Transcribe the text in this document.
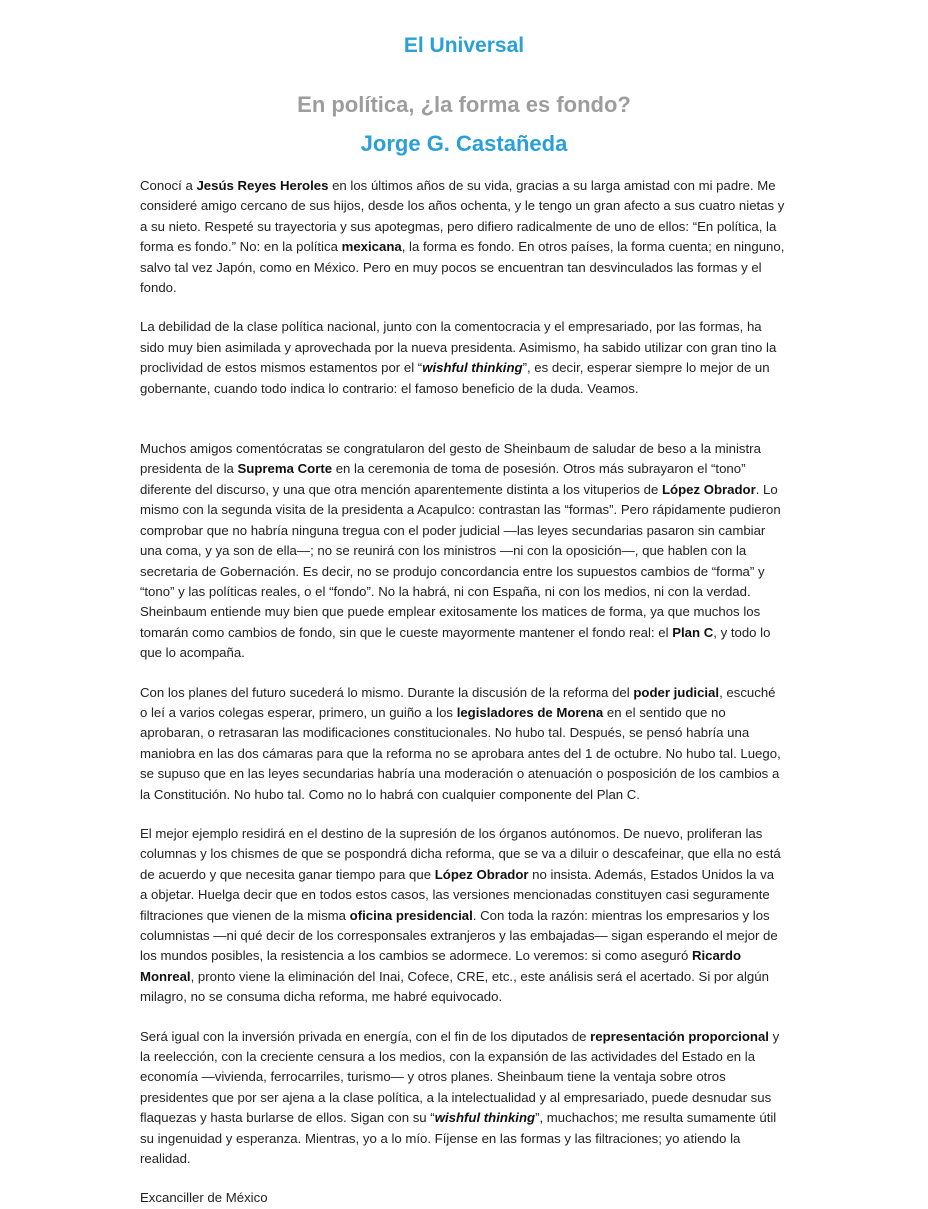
El Universal
En política, ¿la forma es fondo?
Jorge G. Castañeda

Conocí a Jesús Reyes Heroles en los últimos años de su vida, gracias a su larga amistad con mi padre. Me consideré amigo cercano de sus hijos, desde los años ochenta, y le tengo un gran afecto a sus cuatro nietas y a su nieto. Respeté su trayectoria y sus apotegmas, pero difiero radicalmente de uno de ellos: “En política, la forma es fondo.” No: en la política mexicana, la forma es fondo. En otros países, la forma cuenta; en ninguno, salvo tal vez Japón, como en México. Pero en muy pocos se encuentran tan desvinculados las formas y el fondo.

La debilidad de la clase política nacional, junto con la comentocracia y el empresariado, por las formas, ha sido muy bien asimilada y aprovechada por la nueva presidenta. Asimismo, ha sabido utilizar con gran tino la proclividad de estos mismos estamentos por el “wishful thinking”, es decir, esperar siempre lo mejor de un gobernante, cuando todo indica lo contrario: el famoso beneficio de la duda. Veamos.

Muchos amigos comentócratas se congratularon del gesto de Sheinbaum de saludar de beso a la ministra presidenta de la Suprema Corte en la ceremonia de toma de posesión. Otros más subrayaron el “tono” diferente del discurso, y una que otra mención aparentemente distinta a los vituperios de López Obrador. Lo mismo con la segunda visita de la presidenta a Acapulco: contrastan las “formas”. Pero rápidamente pudieron comprobar que no habría ninguna tregua con el poder judicial —las leyes secundarias pasaron sin cambiar una coma, y ya son de ella—; no se reunirá con los ministros —ni con la oposición—, que hablen con la secretaria de Gobernación. Es decir, no se produjo concordancia entre los supuestos cambios de “forma” y “tono” y las políticas reales, o el “fondo”. No la habrá, ni con España, ni con los medios, ni con la verdad. Sheinbaum entiende muy bien que puede emplear exitosamente los matices de forma, ya que muchos los tomarán como cambios de fondo, sin que le cueste mayormente mantener el fondo real: el Plan C, y todo lo que lo acompaña.

Con los planes del futuro sucederá lo mismo. Durante la discusión de la reforma del poder judicial, escuché o leí a varios colegas esperar, primero, un guiño a los legisladores de Morena en el sentido que no aprobaran, o retrasaran las modificaciones constitucionales. No hubo tal. Después, se pensó habría una maniobra en las dos cámaras para que la reforma no se aprobara antes del 1 de octubre. No hubo tal. Luego, se supuso que en las leyes secundarias habría una moderación o atenuación o posposición de los cambios a la Constitución. No hubo tal. Como no lo habrá con cualquier componente del Plan C.

El mejor ejemplo residirá en el destino de la supresión de los órganos autónomos. De nuevo, proliferan las columnas y los chismes de que se pospondrá dicha reforma, que se va a diluir o descafeinar, que ella no está de acuerdo y que necesita ganar tiempo para que López Obrador no insista. Además, Estados Unidos la va a objetar. Huelga decir que en todos estos casos, las versiones mencionadas constituyen casi seguramente filtraciones que vienen de la misma oficina presidencial. Con toda la razón: mientras los empresarios y los columnistas —ni qué decir de los corresponsales extranjeros y las embajadas— sigan esperando el mejor de los mundos posibles, la resistencia a los cambios se adormece. Lo veremos: si como aseguró Ricardo Monreal, pronto viene la eliminación del Inai, Cofece, CRE, etc., este análisis será el acertado. Si por algún milagro, no se consuma dicha reforma, me habré equivocado.

Será igual con la inversión privada en energía, con el fin de los diputados de representación proporcional y la reelección, con la creciente censura a los medios, con la expansión de las actividades del Estado en la economía —vivienda, ferrocarriles, turismo— y otros planes. Sheinbaum tiene la ventaja sobre otros presidentes que por ser ajena a la clase política, a la intelectualidad y al empresariado, puede desnudar sus flaquezas y hasta burlarse de ellos. Sigan con su “wishful thinking”, muchachos; me resulta sumamente útil su ingenuidad y esperanza. Mientras, yo a lo mío. Fíjense en las formas y las filtraciones; yo atiendo la realidad.

Excanciller de México
